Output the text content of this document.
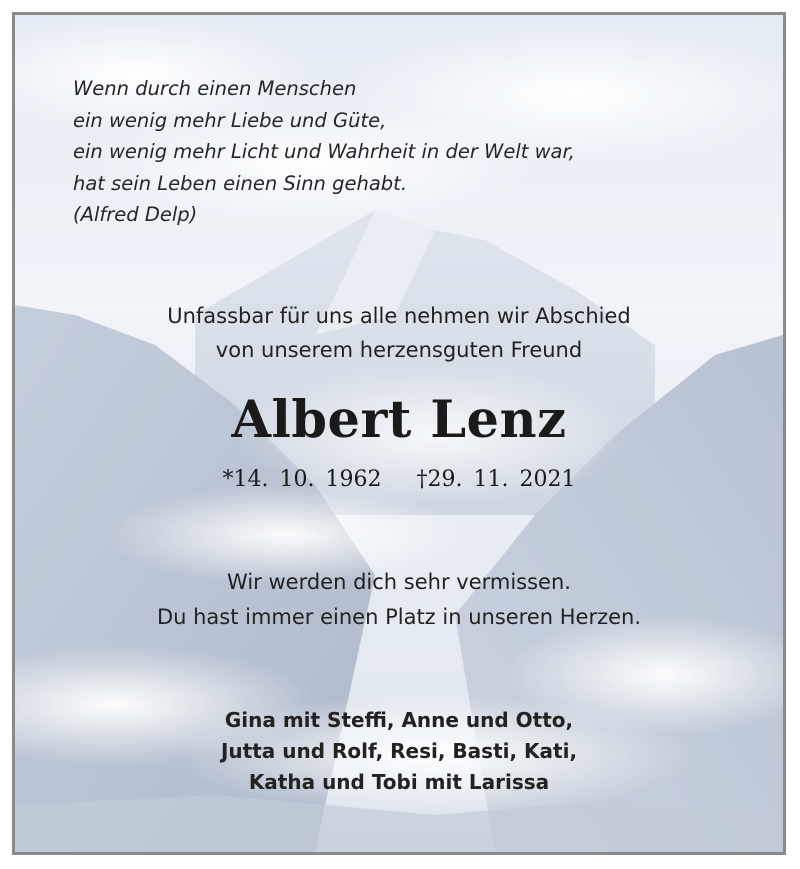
Wenn durch einen Menschen
ein wenig mehr Liebe und Güte,
ein wenig mehr Licht und Wahrheit in der Welt war,
hat sein Leben einen Sinn gehabt.
(Alfred Delp)
Unfassbar für uns alle nehmen wir Abschied
von unserem herzensguten Freund
Albert Lenz
*14. 10. 1962 †29. 11. 2021
Wir werden dich sehr vermissen.
Du hast immer einen Platz in unseren Herzen.
Gina mit Steffi, Anne und Otto,
Jutta und Rolf, Resi, Basti, Kati,
Katha und Tobi mit Larissa
